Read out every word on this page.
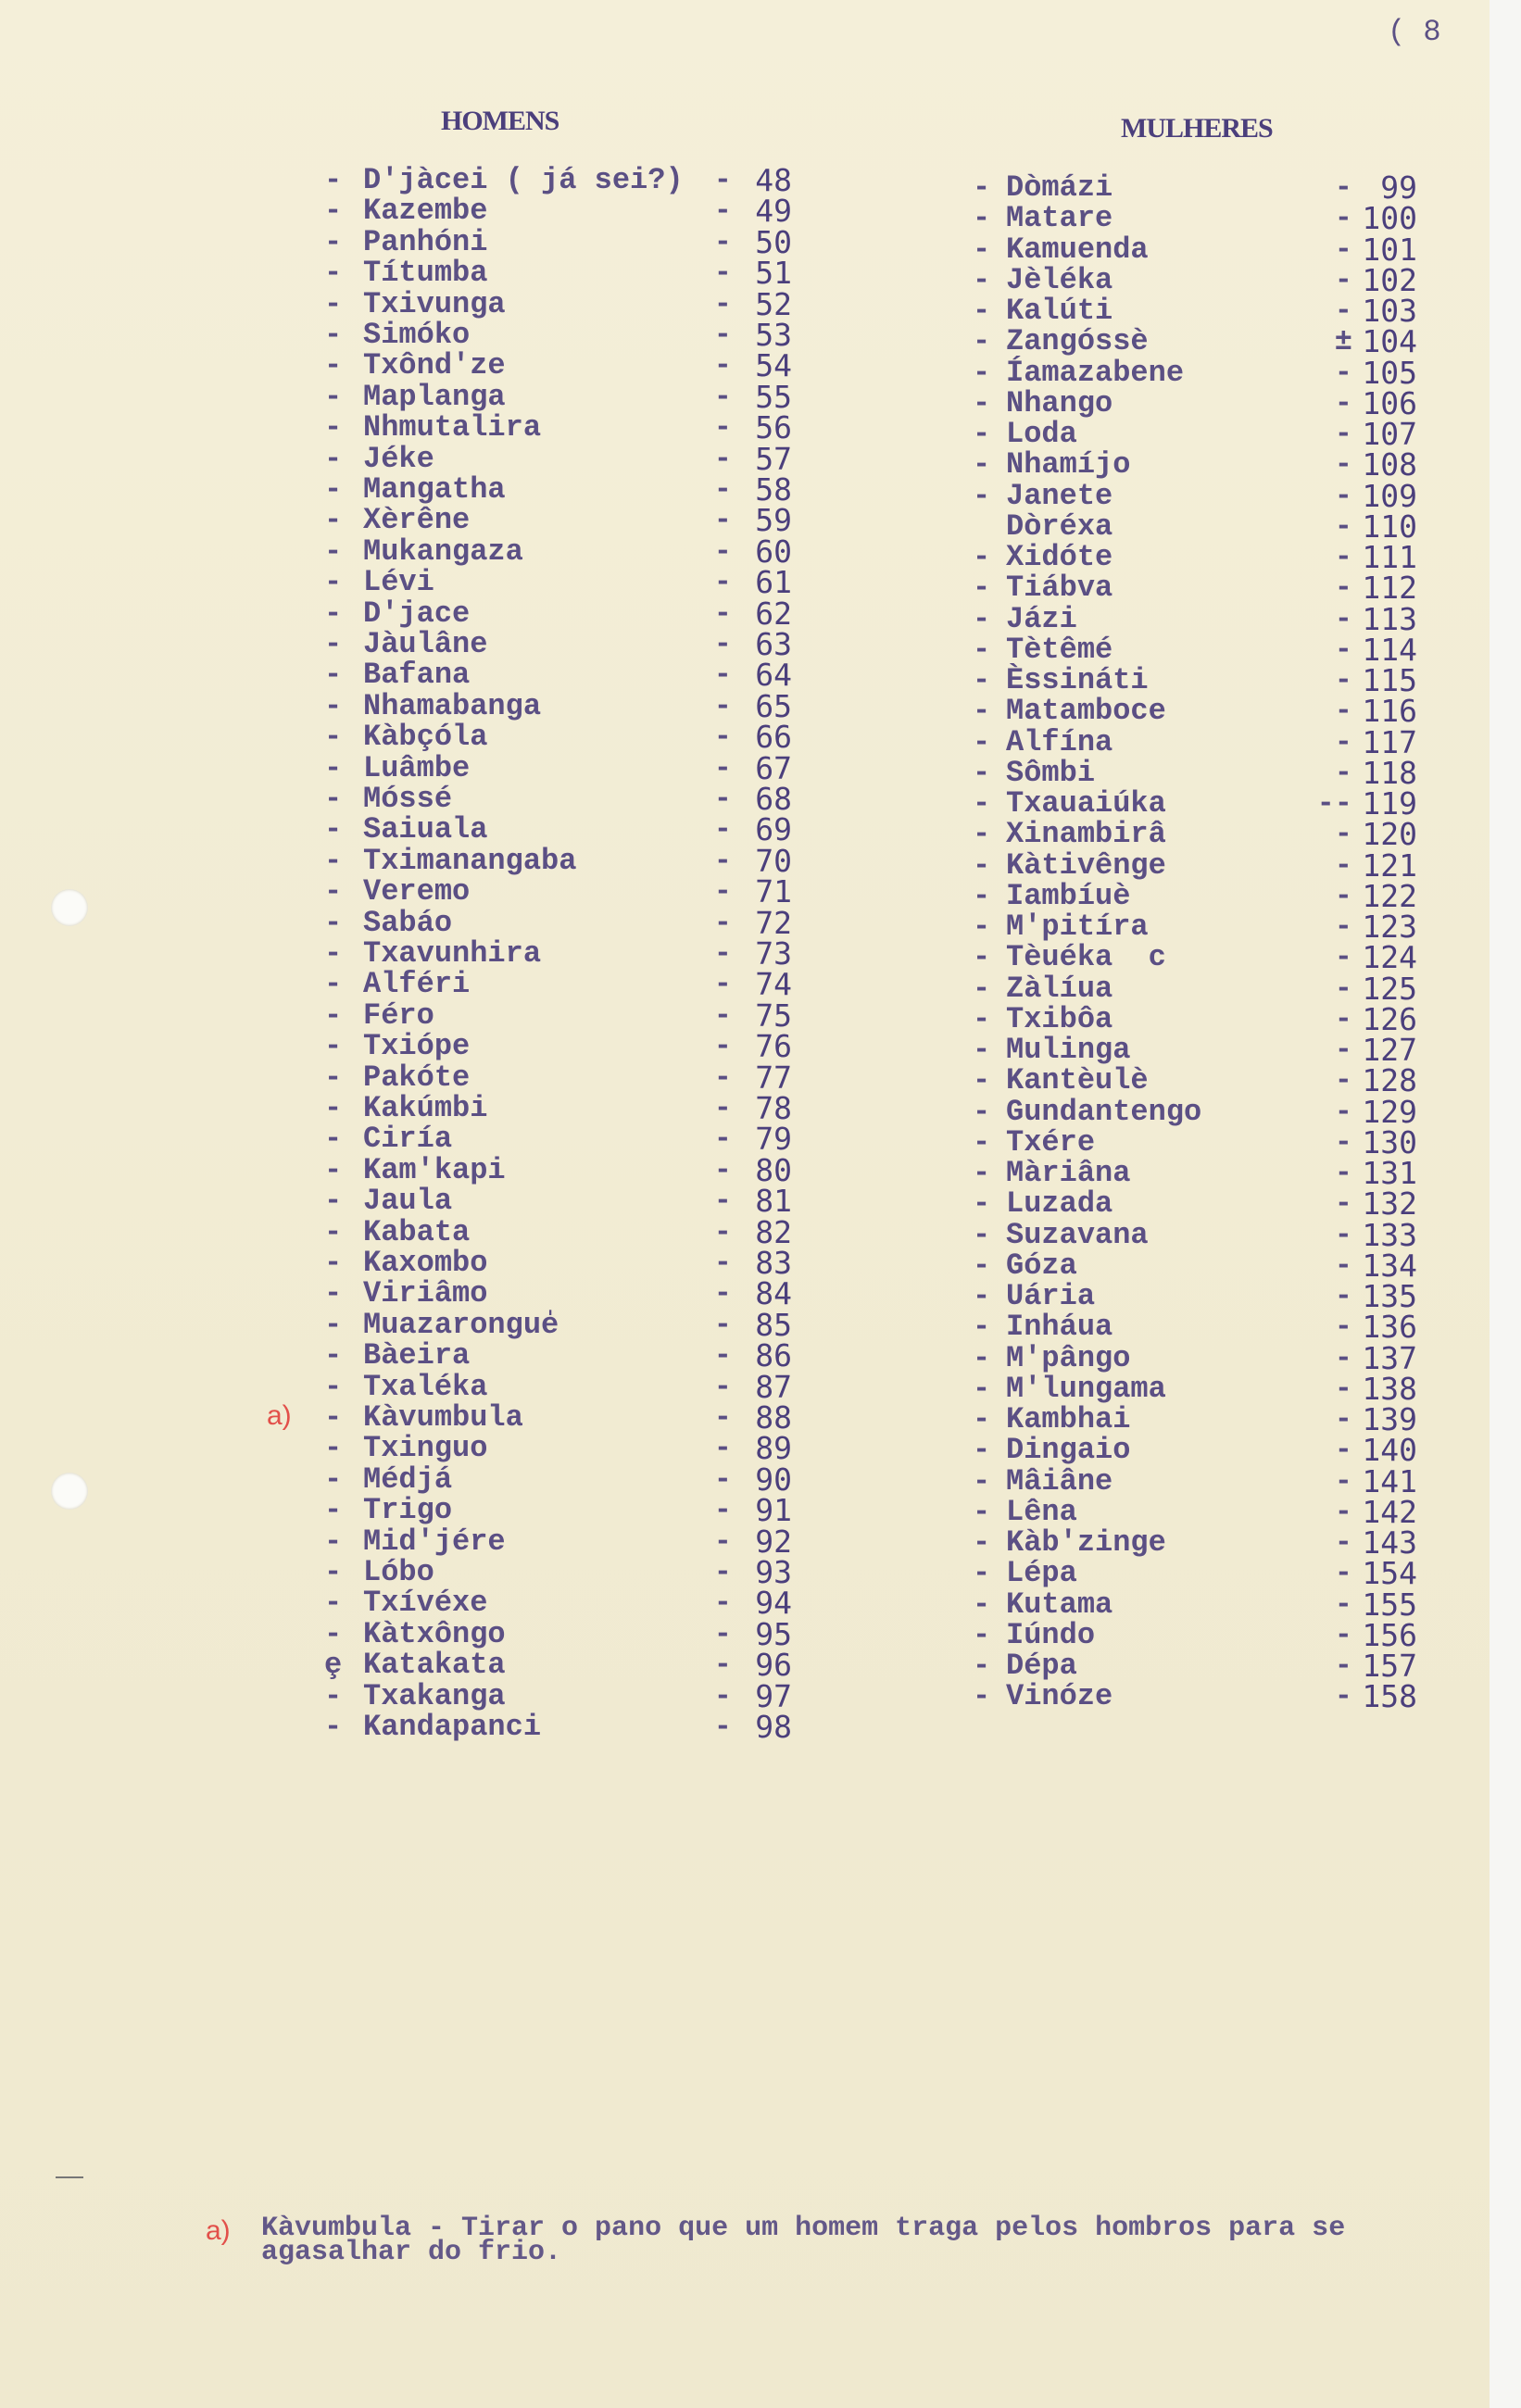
( 8
HOMENS	MULHERES
- D'jàcei ( já sei?)	- 48
- Kazembe	- 49
- Panhóni	- 50
- Títumba	- 51
- Txivunga	- 52
- Simóko	- 53
- Txônd'ze	- 54
- Maplanga	- 55
- Nhmutalira	- 56
- Jéke	- 57
- Mangatha	- 58
- Xèrêne	- 59
- Mukangaza	- 60
- Lévi	- 61
- D'jace	- 62
- Jàulâne	- 63
- Bafana	- 64
- Nhamabanga	- 65
- Kàbçóla	- 66
- Luâmbe	- 67
- Móssé	- 68
- Saiuala	- 69
- Tximanangaba	- 70
- Veremo	- 71
- Sabáo	- 72
- Txavunhira	- 73
- Alféri	- 74
- Féro	- 75
- Txiópe	- 76
- Pakóte	- 77
- Kakúmbi	- 78
- Ciría	- 79
- Kam'kapi	- 80
- Jaula	- 81
- Kabata	- 82
- Kaxombo	- 83
- Viriâmo	- 84
- Muazarongue̍	- 85
- Bàeira	- 86
- Txaléka	- 87
- Kàvumbula	- 88
a)
- Txinguo	- 89
- Médjá	- 90
- Trigo	- 91
- Mid'jére	- 92
- Lóbo	- 93
- Txívéxe	- 94
- Kàtxôngo	- 95
ȩ Katakata	- 96
- Txakanga	- 97
- Kandapanci	- 98
- Dòmázi	- 99
- Matare	- 100
- Kamuenda	- 101
- Jèléka	- 102
- Kalúti	- 103
- Zangóssè	± 104
- Íamazabene	- 105
- Nhango	- 106
- Loda	- 107
- Nhamíjo	- 108
- Janete	- 109
Dòréxa	- 110
- Xidóte	- 111
- Tiábva	- 112
- Jázi	- 113
- Tètêmé	- 114
- Èssináti	- 115
- Matamboce	- 116
- Alfína	- 117
- Sômbi	- 118
- Txauaiúka	-- 119
- Xinambirâ	- 120
- Kàtivênge	- 121
- Iambíuè	- 122
- M'pitíra	- 123
- Tèuéka  c	- 124
- Zàlíua	- 125
- Txibôa	- 126
- Mulinga	- 127
- Kantèulè	- 128
- Gundantengo	- 129
- Txére	- 130
- Màriâna	- 131
- Luzada	- 132
- Suzavana	- 133
- Góza	- 134
- Uária	- 135
- Inháua	- 136
- M'pângo	- 137
- M'lungama	- 138
- Kambhai	- 139
- Dingaio	- 140
- Mâiâne	- 141
- Lêna	- 142
- Kàb'zinge	- 143
- Lépa	- 154
- Kutama	- 155
- Iúndo	- 156
- Dépa	- 157
- Vinóze	- 158
a) Kàvumbula - Tirar o pano que um homem traga pelos hombros para se
agasalhar do frio.
